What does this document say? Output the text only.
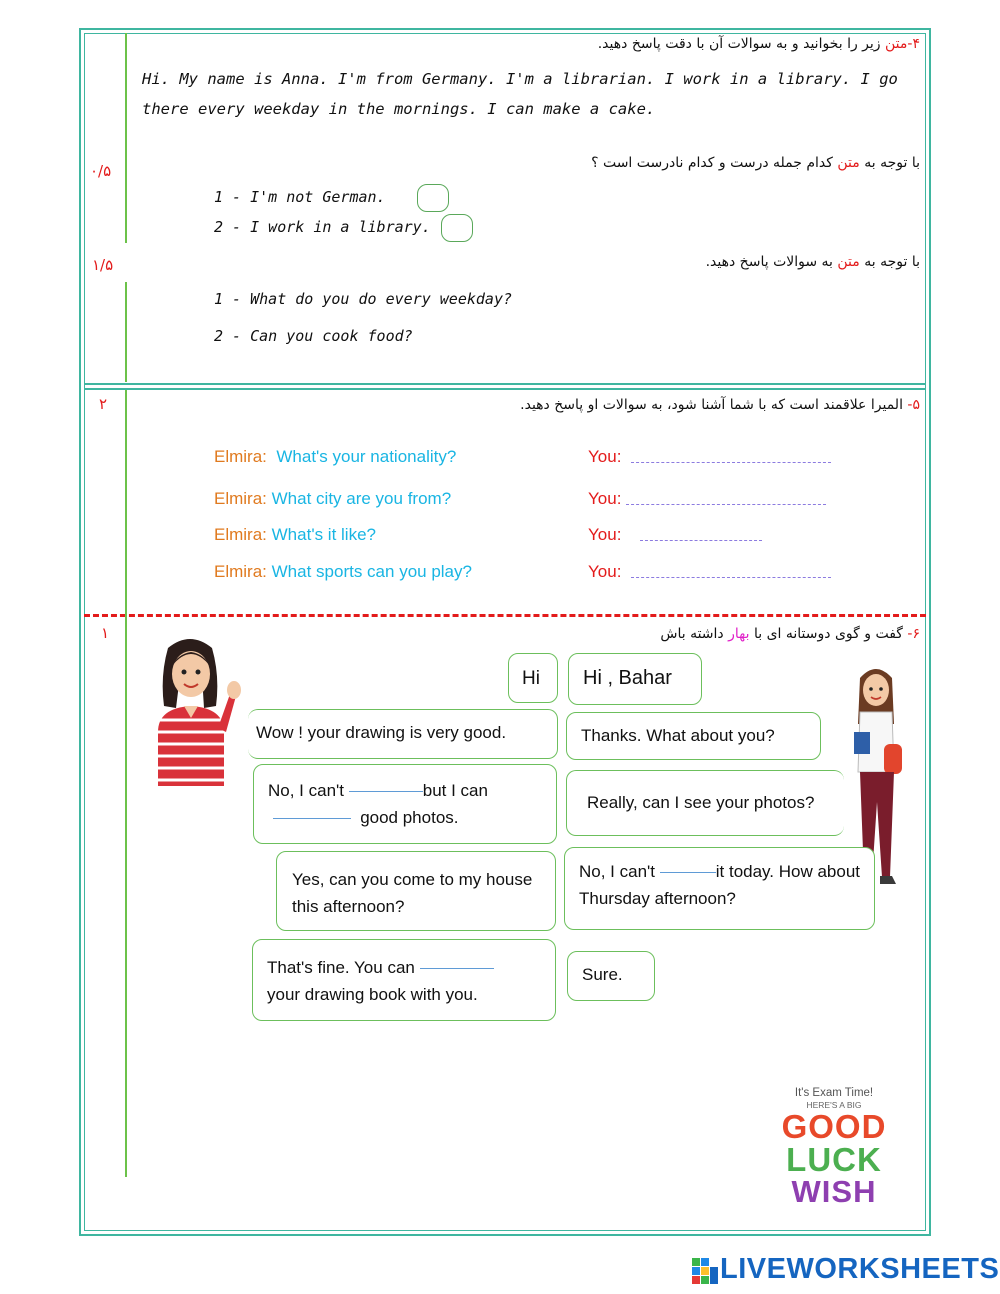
۰/۵
۱/۵
۲
۱
۴-متن زیر را بخوانید و به سوالات آن با دقت پاسخ دهید.
Hi. My name is Anna. I'm from Germany. I'm a librarian. I work in a library. I go there every weekday in the mornings. I can make a cake.
با توجه به متن کدام جمله درست و کدام نادرست است ؟
1 - I'm not German.
2 - I work in a library.
با توجه به متن به سوالات پاسخ دهید.
1 - What do you do every weekday?
2 - Can you cook food?
۵- المیرا علاقمند است که با شما آشنا شود، به سوالات او پاسخ دهید.
Elmira: What's your nationality?	You:
Elmira: What city are you from?	You:
Elmira: What's it like?	You:
Elmira: What sports can you play?	You:
۶- گفت و گوی دوستانه ای با بهار داشته باش
Hi
Wow ! your drawing is very good.
No, I can't	but I can
good photos.
Yes, can you come to my house this afternoon?
That's fine. You can
your drawing book with you.
Hi , Bahar
Thanks. What about you?
Really, can I see your photos?
No, I can't	it today. How about Thursday afternoon?
Sure.
It's Exam Time!
HERE'S A BIG
GOOD
LUCK
WISH
LIVEWORKSHEETS
